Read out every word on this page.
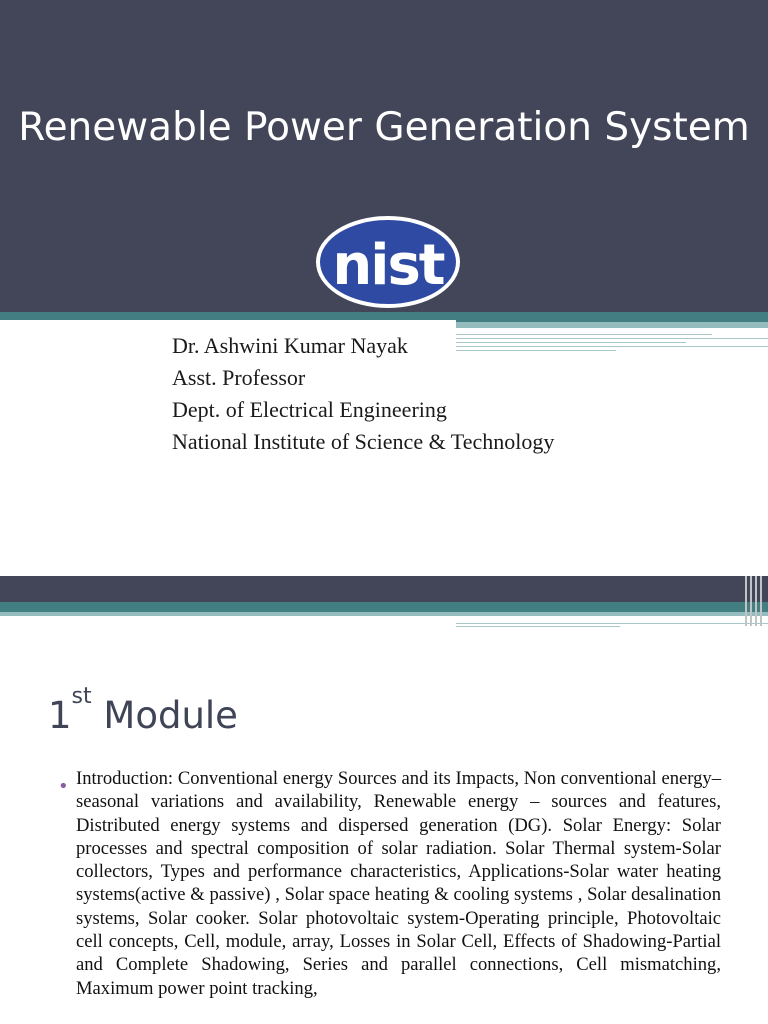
Renewable Power Generation System
nist
Dr. Ashwini Kumar Nayak
Asst. Professor
Dept. of Electrical Engineering
National Institute of Science & Technology
1st Module
• Introduction: Conventional energy Sources and its Impacts, Non conventional energy– seasonal variations and availability, Renewable energy – sources and features, Distributed energy systems and dispersed generation (DG). Solar Energy: Solar processes and spectral composition of solar radiation. Solar Thermal system-Solar collectors, Types and performance characteristics, Applications-Solar water heating systems(active & passive) , Solar space heating & cooling systems , Solar desalination systems, Solar cooker. Solar photovoltaic system-Operating principle, Photovoltaic cell concepts, Cell, module, array, Losses in Solar Cell, Effects of Shadowing-Partial and Complete Shadowing, Series and parallel connections, Cell mismatching, Maximum power point tracking,
